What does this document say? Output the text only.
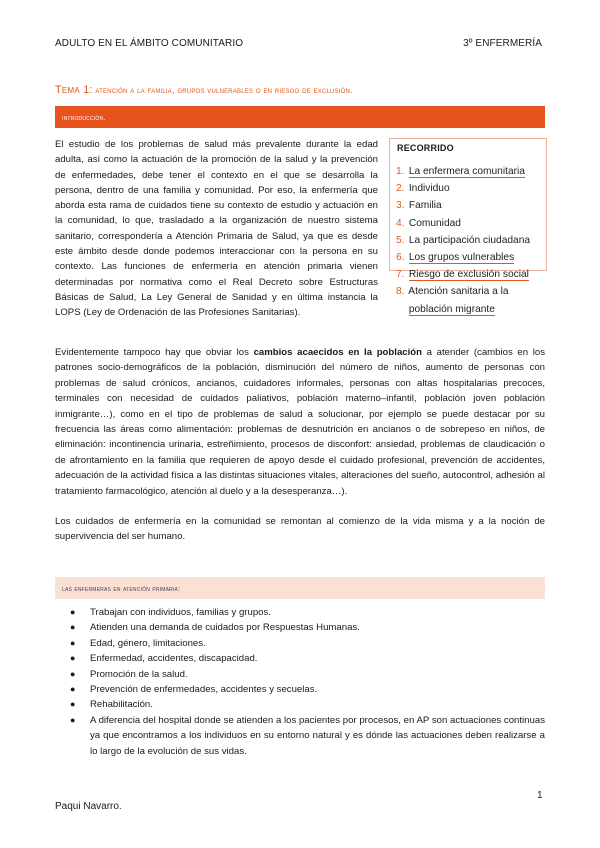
ADULTO EN EL ÁMBITO COMUNITARIO	3º ENFERMERÍA
Tema 1: atención a la familia, grupos vulnerables o en riesgo de exclusión.
introducción.
El estudio de los problemas de salud más prevalente durante la edad adulta, así como la actuación de la promoción de la salud y la prevención de enfermedades, debe tener el contexto en el que se desarrolla la persona, dentro de una familia y comunidad. Por eso, la enfermería que aborda esta rama de cuidados tiene su contexto de estudio y actuación en la comunidad, lo que, trasladado a la organización de nuestro sistema sanitario, correspondería a Atención Primaria de Salud, ya que es desde este ámbito desde donde podemos interaccionar con la persona en su contexto. Las funciones de enfermería en atención primaria vienen determinadas por normativa como el Real Decreto sobre Estructuras Básicas de Salud, La Ley General de Sanidad y en última instancia la LOPS (Ley de Ordenación de las Profesiones Sanitarias).
RECORRIDO
1. La enfermera comunitaria
2. Individuo
3. Familia
4. Comunidad
5. La participación ciudadana
6. Los grupos vulnerables
7. Riesgo de exclusión social
8. Atención sanitaria a la
población migrante
Evidentemente tampoco hay que obviar los cambios acaecidos en la población a atender (cambios en los patrones socio-demográficos de la población, disminución del número de niños, aumento de personas con problemas de salud crónicos, ancianos, cuidadores informales, personas con altas hospitalarias precoces, terminales con necesidad de cuidados paliativos, población materno–infantil, población joven población inmigrante…), como en el tipo de problemas de salud a solucionar, por ejemplo se puede destacar por su frecuencia las áreas como alimentación: problemas de desnutrición en ancianos o de sobrepeso en niños, de eliminación: incontinencia urinaria, estreñimiento, procesos de disconfort: ansiedad, problemas de claudicación o de afrontamiento en la familia que requieren de apoyo desde el cuidado profesional, prevención de accidentes, adecuación de la actividad física a las distintas situaciones vitales, alteraciones del sueño, autocontrol, adhesión al tratamiento farmacológico, atención al duelo y a la desesperanza…).
Los cuidados de enfermería en la comunidad se remontan al comienzo de la vida misma y a la noción de supervivencia del ser humano.
las enfermeras en atención primaria:
● Trabajan con individuos, familias y grupos.
● Atienden una demanda de cuidados por Respuestas Humanas.
● Edad, género, limitaciones.
● Enfermedad, accidentes, discapacidad.
● Promoción de la salud.
● Prevención de enfermedades, accidentes y secuelas.
● Rehabilitación.
● A diferencia del hospital donde se atienden a los pacientes por procesos, en AP son actuaciones continuas ya que encontramos a los individuos en su entorno natural y es dónde las actuaciones deben realizarse a lo largo de la evolución de sus vidas.
1
Paqui Navarro.
